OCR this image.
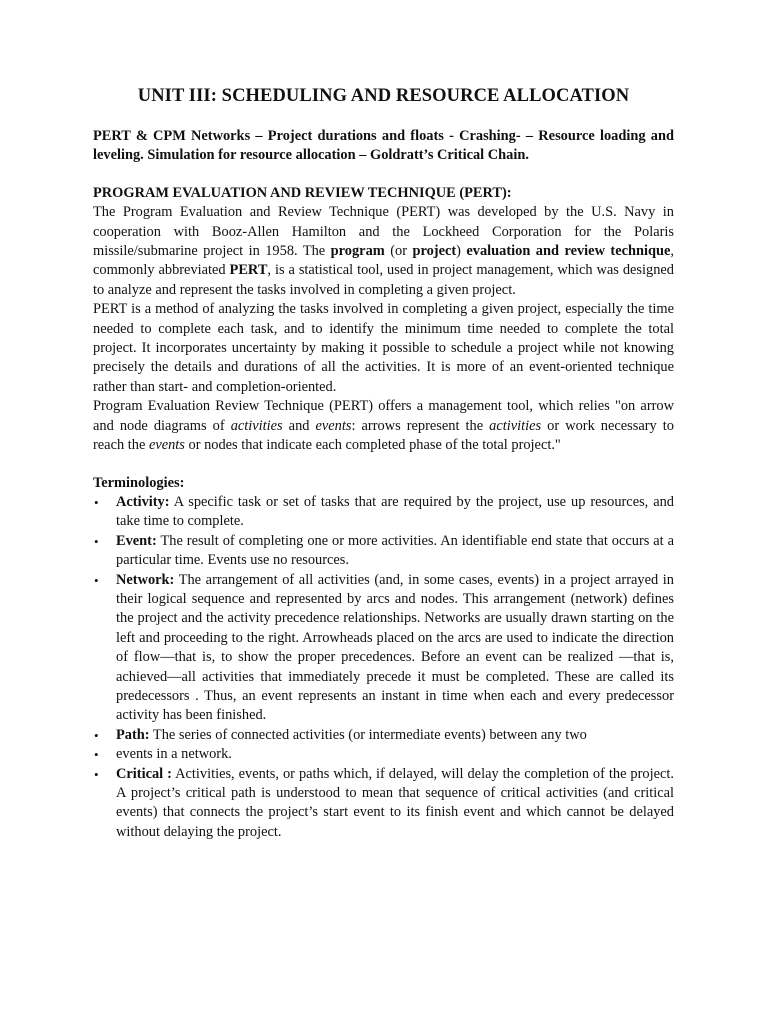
UNIT III: SCHEDULING AND RESOURCE ALLOCATION

PERT & CPM Networks – Project durations and floats - Crashing- – Resource loading and leveling. Simulation for resource allocation – Goldratt’s Critical Chain.

PROGRAM EVALUATION AND REVIEW TECHNIQUE (PERT):

The Program Evaluation and Review Technique (PERT) was developed by the U.S. Navy in cooperation with Booz-Allen Hamilton and the Lockheed Corporation for the Polaris missile/submarine project in 1958. The program (or project) evaluation and review technique, commonly abbreviated PERT, is a statistical tool, used in project management, which was designed to analyze and represent the tasks involved in completing a given project.

PERT is a method of analyzing the tasks involved in completing a given project, especially the time needed to complete each task, and to identify the minimum time needed to complete the total project. It incorporates uncertainty by making it possible to schedule a project while not knowing precisely the details and durations of all the activities. It is more of an event-oriented technique rather than start- and completion-oriented.

Program Evaluation Review Technique (PERT) offers a management tool, which relies "on arrow and node diagrams of activities and events: arrows represent the activities or work necessary to reach the events or nodes that indicate each completed phase of the total project."

Terminologies:

• Activity: A specific task or set of tasks that are required by the project, use up resources, and take time to complete.
• Event: The result of completing one or more activities. An identifiable end state that occurs at a particular time. Events use no resources.
• Network: The arrangement of all activities (and, in some cases, events) in a project arrayed in their logical sequence and represented by arcs and nodes. This arrangement (network) defines the project and the activity precedence relationships. Networks are usually drawn starting on the left and proceeding to the right. Arrowheads placed on the arcs are used to indicate the direction of flow—that is, to show the proper precedences. Before an event can be realized —that is, achieved—all activities that immediately precede it must be completed. These are called its predecessors . Thus, an event represents an instant in time when each and every predecessor activity has been finished.
• Path: The series of connected activities (or intermediate events) between any two
• events in a network.
• Critical : Activities, events, or paths which, if delayed, will delay the completion of the project. A project’s critical path is understood to mean that sequence of critical activities (and critical events) that connects the project’s start event to its finish event and which cannot be delayed without delaying the project.
